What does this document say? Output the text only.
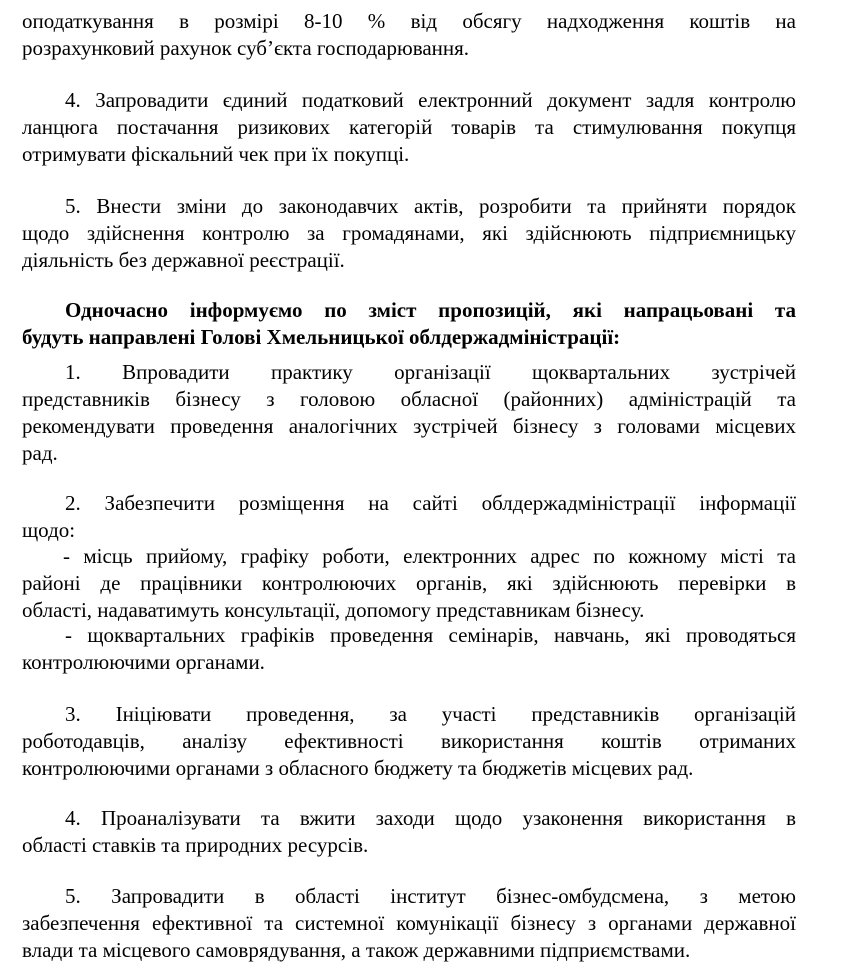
оподаткування в розмірі 8-10 % від обсягу надходження коштів на
розрахунковий рахунок суб’єкта господарювання.
4. Запровадити єдиний податковий електронний документ задля контролю
ланцюга постачання ризикових категорій товарів та стимулювання покупця
отримувати фіскальний чек при їх покупці.
5. Внести зміни до законодавчих актів, розробити та прийняти порядок
щодо здійснення контролю за громадянами, які здійснюють підприємницьку
діяльність без державної реєстрації.
Одночасно інформуємо по зміст пропозицій, які напрацьовані та
будуть направлені Голові Хмельницької облдержадміністрації:
1. Впровадити практику організації щоквартальних зустрічей
представників бізнесу з головою обласної (районних) адміністрацій та
рекомендувати проведення аналогічних зустрічей бізнесу з головами місцевих
рад.
2. Забезпечити розміщення на сайті облдержадміністрації інформації
щодо:
- місць прийому, графіку роботи, електронних адрес по кожному місті та
районі де працівники контролюючих органів, які здійснюють перевірки в
області, надаватимуть консультації, допомогу представникам бізнесу.
- щоквартальних графіків проведення семінарів, навчань, які проводяться
контролюючими органами.
3. Ініціювати проведення, за участі представників організацій
роботодавців, аналізу ефективності використання коштів отриманих
контролюючими органами з обласного бюджету та бюджетів місцевих рад.
4. Проаналізувати та вжити заходи щодо узаконення використання в
області ставків та природних ресурсів.
5. Запровадити в області інститут бізнес-омбудсмена, з метою
забезпечення ефективної та системної комунікації бізнесу з органами державної
влади та місцевого самоврядування, а також державними підприємствами.
